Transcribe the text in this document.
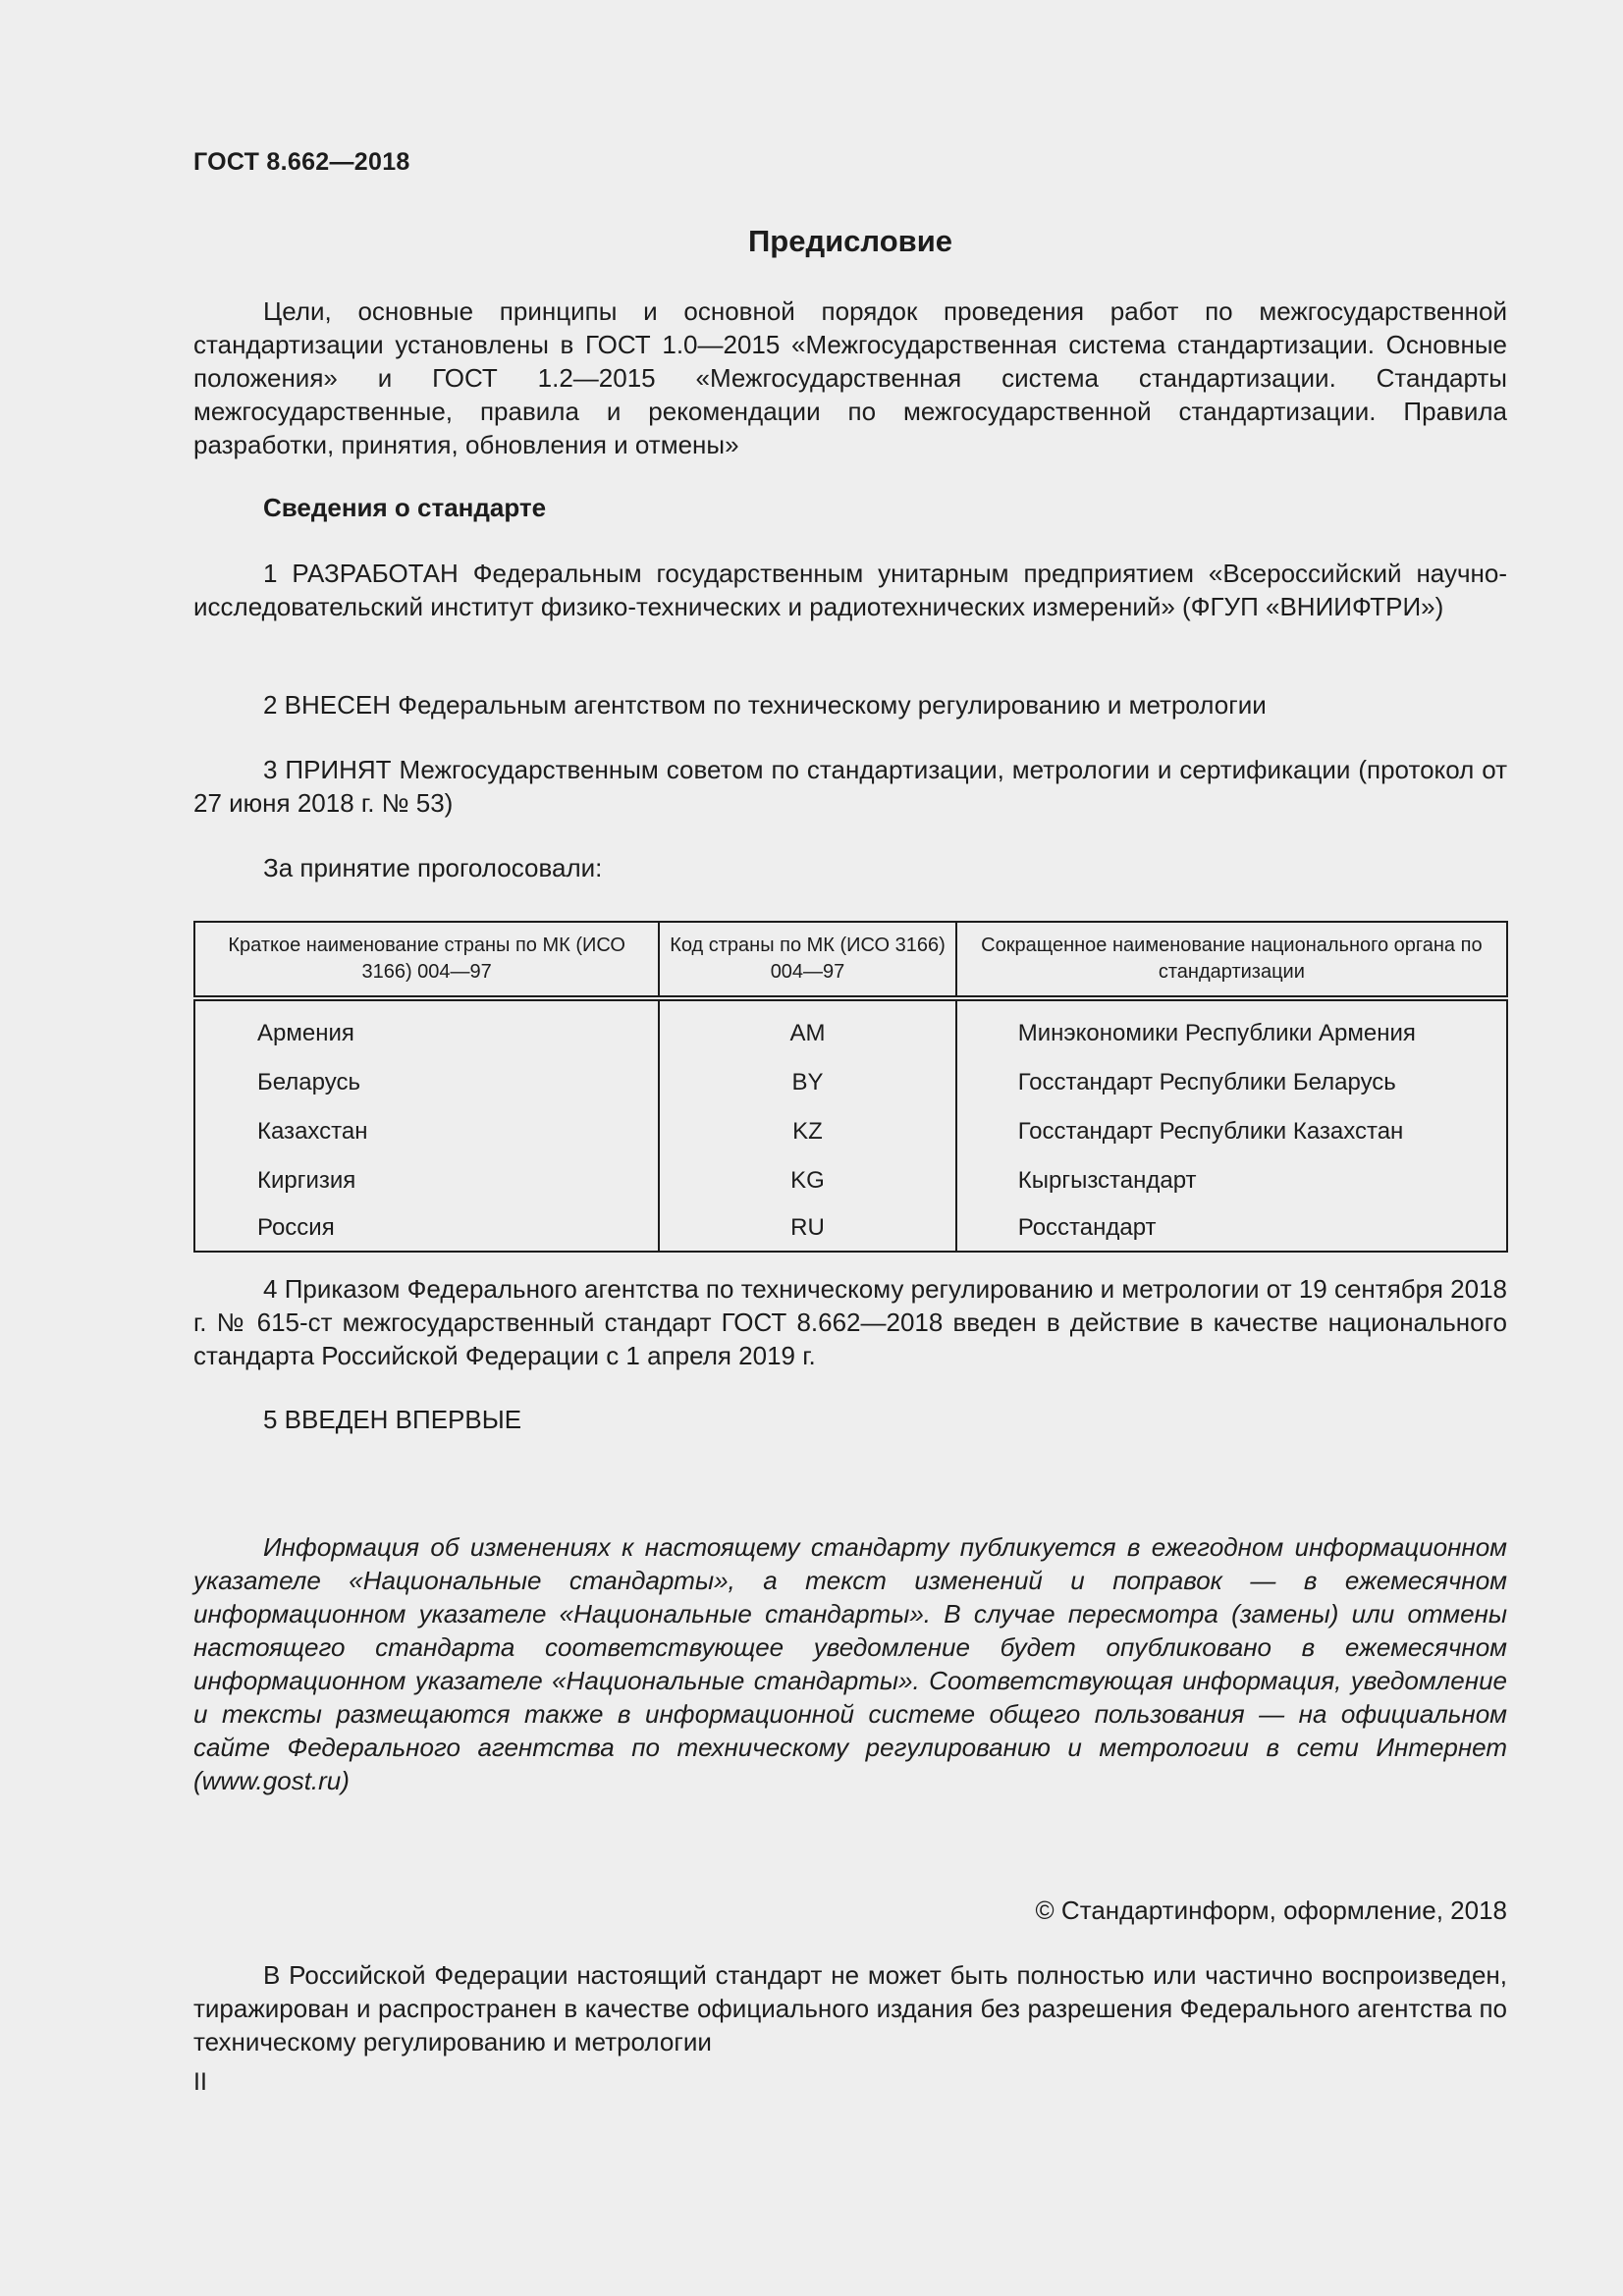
ГОСТ 8.662—2018
Предисловие

Цели, основные принципы и основной порядок проведения работ по межгосударственной стандартизации установлены в ГОСТ 1.0—2015 «Межгосударственная система стандартизации. Основные положения» и ГОСТ 1.2—2015 «Межгосударственная система стандартизации. Стандарты межгосударственные, правила и рекомендации по межгосударственной стандартизации. Правила разработки, принятия, обновления и отмены»

Сведения о стандарте

1 РАЗРАБОТАН Федеральным государственным унитарным предприятием «Всероссийский научно-исследовательский институт физико-технических и радиотехнических измерений» (ФГУП «ВНИИФТРИ»)

2 ВНЕСЕН Федеральным агентством по техническому регулированию и метрологии

3 ПРИНЯТ Межгосударственным советом по стандартизации, метрологии и сертификации (протокол от 27 июня 2018 г. № 53)

За принятие проголосовали:

Краткое наименование страны по МК (ИСО 3166) 004—97	Код страны по МК (ИСО 3166) 004—97	Сокращенное наименование национального органа по стандартизации
Армения	AM	Минэкономики Республики Армения
Беларусь	BY	Госстандарт Республики Беларусь
Казахстан	KZ	Госстандарт Республики Казахстан
Киргизия	KG	Кыргызстандарт
Россия	RU	Росстандарт

4 Приказом Федерального агентства по техническому регулированию и метрологии от 19 сентября 2018 г. № 615-ст межгосударственный стандарт ГОСТ 8.662—2018 введен в действие в качестве национального стандарта Российской Федерации с 1 апреля 2019 г.

5 ВВЕДЕН ВПЕРВЫЕ

Информация об изменениях к настоящему стандарту публикуется в ежегодном информационном указателе «Национальные стандарты», а текст изменений и поправок — в ежемесячном информационном указателе «Национальные стандарты». В случае пересмотра (замены) или отмены настоящего стандарта соответствующее уведомление будет опубликовано в ежемесячном информационном указателе «Национальные стандарты». Соответствующая информация, уведомление и тексты размещаются также в информационной системе общего пользования — на официальном сайте Федерального агентства по техническому регулированию и метрологии в сети Интернет (www.gost.ru)

© Стандартинформ, оформление, 2018

В Российской Федерации настоящий стандарт не может быть полностью или частично воспроизведен, тиражирован и распространен в качестве официального издания без разрешения Федерального агентства по техническому регулированию и метрологии

II
